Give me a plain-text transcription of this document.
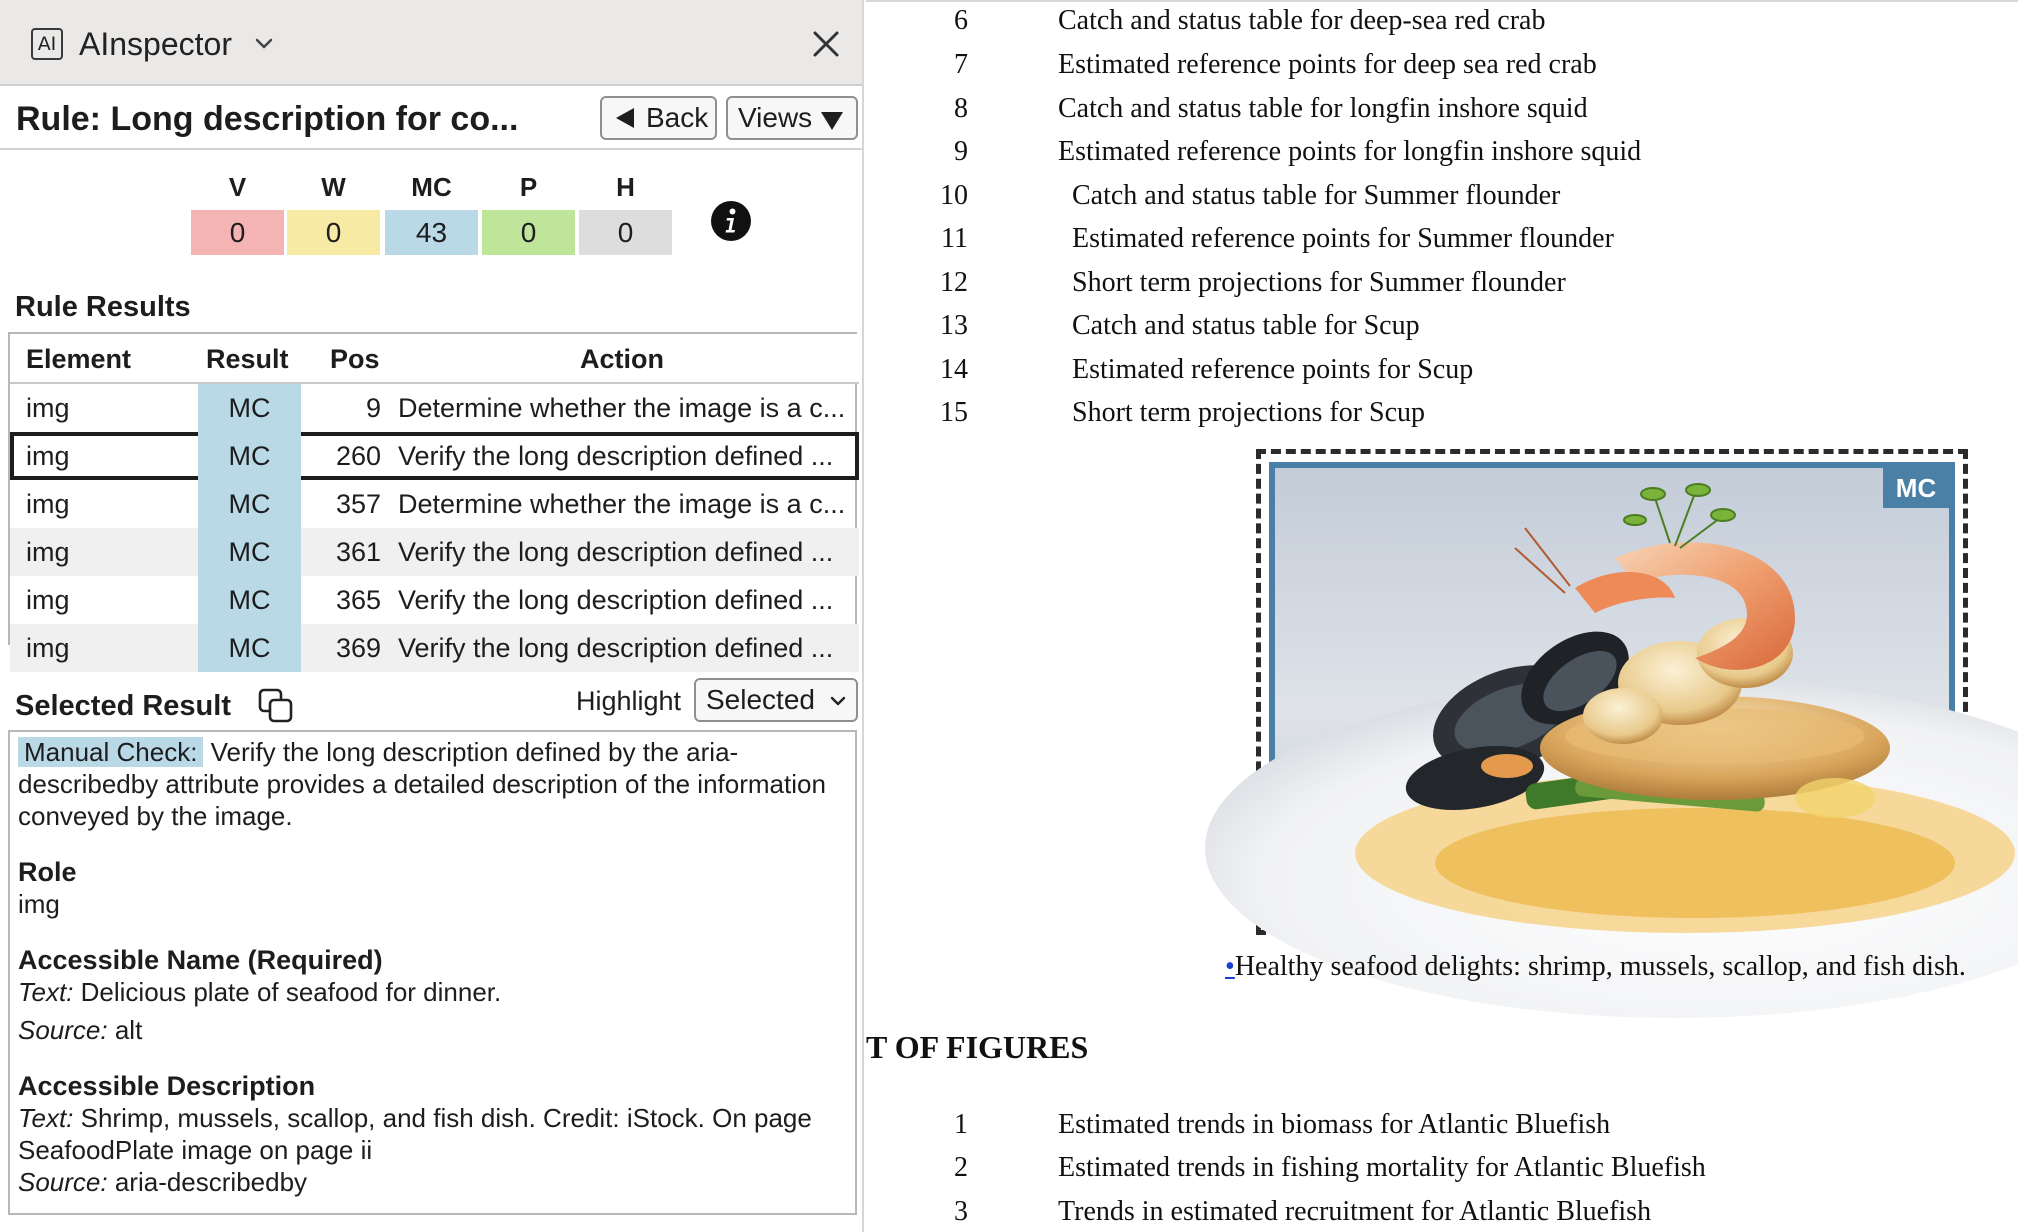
AI AInspector
Rule: Long description for co...	Back	Views
V	W	MC	P	H
0	0	43	0	0
Rule Results
Element	Result Pos	Action
img	MC	9 Determine whether the image is a c...
img	MC	260 Verify the long description defined ...
img	MC	357 Determine whether the image is a c...
img	MC	361 Verify the long description defined ...
img	MC	365 Verify the long description defined ...
img	MC	369 Verify the long description defined ...
Selected Result	Highlight Selected
Manual Check: Verify the long description defined by the aria-describedby attribute provides a detailed description of the information conveyed by the image.
Role
img
Accessible Name (Required)
Text: Delicious plate of seafood for dinner.
Source: alt
Accessible Description
Text: Shrimp, mussels, scallop, and fish dish. Credit: iStock. On page SeafoodPlate image on page ii
Source: aria-describedby
6	Catch and status table for deep-sea red crab
7	Estimated reference points for deep sea red crab
8	Catch and status table for longfin inshore squid
9	Estimated reference points for longfin inshore squid
10	Catch and status table for Summer flounder
11	Estimated reference points for Summer flounder
12	Short term projections for Summer flounder
13	Catch and status table for Scup
14	Estimated reference points for Scup
15	Short term projections for Scup
MC
•Healthy seafood delights: shrimp, mussels, scallop, and fish dish.
T OF FIGURES
1	Estimated trends in biomass for Atlantic Bluefish
2	Estimated trends in fishing mortality for Atlantic Bluefish
3	Trends in estimated recruitment for Atlantic Bluefish
